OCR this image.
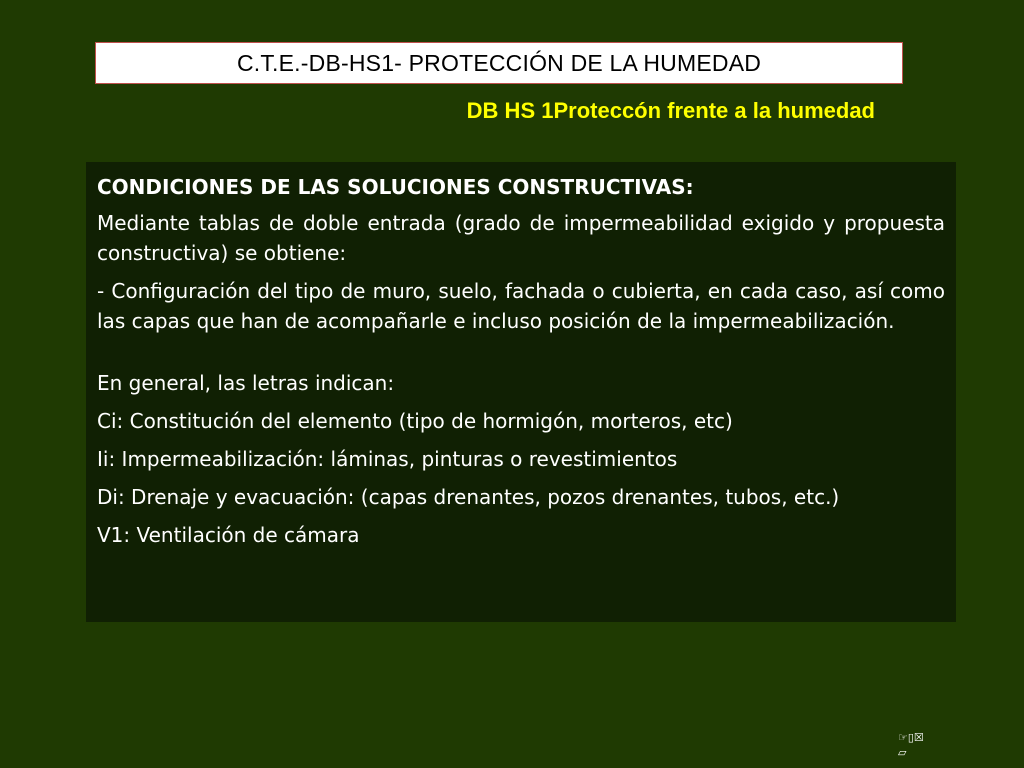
C.T.E.-DB-HS1- PROTECCIÓN DE LA HUMEDAD
DB HS 1Proteccón frente a la humedad

CONDICIONES DE LAS SOLUCIONES CONSTRUCTIVAS:

Mediante tablas de doble entrada (grado de impermeabilidad exigido y propuesta constructiva) se obtiene:

- Configuración del tipo de muro, suelo, fachada o cubierta, en cada caso, así como las capas que han de acompañarle e incluso posición de la impermeabilización.

En general, las letras indican:

Ci: Constitución del elemento (tipo de hormigón, morteros, etc)

Ii: Impermeabilización: láminas, pinturas o revestimientos

Di: Drenaje y evacuación: (capas drenantes, pozos drenantes, tubos, etc.)

V1: Ventilación de cámara

☞▯☒
▱
